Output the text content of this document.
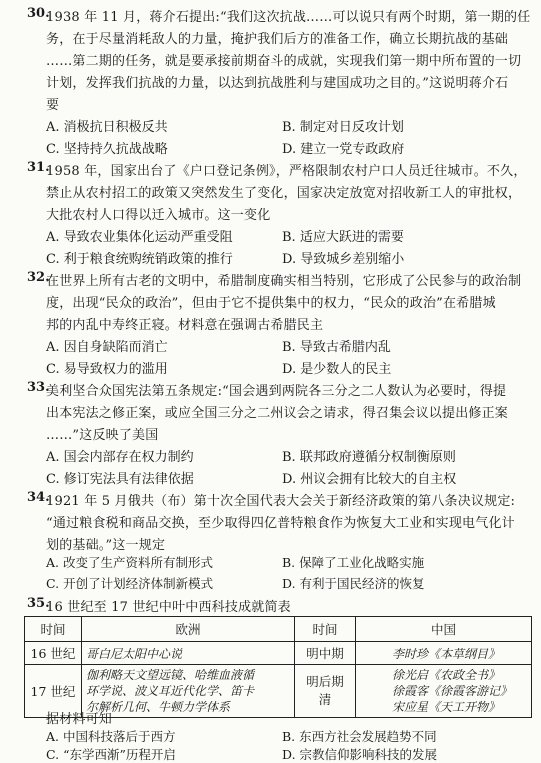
30.
1938 年 11 月，蒋介石提出:“我们这次抗战……可以说只有两个时期，第一期的任
务，在于尽量消耗敌人的力量，掩护我们后方的准备工作，确立长期抗战的基础
……第二期的任务，就是要承接前期奋斗的成就，实现我们第一期中所布置的一切
计划，发挥我们抗战的力量，以达到抗战胜利与建国成功之目的。”这说明蒋介石
要
A. 消极抗日积极反共	B. 制定对日反攻计划
C. 坚持持久抗战战略	D. 建立一党专政政府
31.
1958 年，国家出台了《户口登记条例》，严格限制农村户口人员迁往城市。不久，
禁止从农村招工的政策又突然发生了变化，国家决定放宽对招收新工人的审批权，
大批农村人口得以迁入城市。这一变化
A. 导致农业集体化运动严重受阻	B. 适应大跃进的需要
C. 利于粮食统购统销政策的推行	D. 导致城乡差别缩小
32.
在世界上所有古老的文明中，希腊制度确实相当特别，它形成了公民参与的政治制
度，出现“民众的政治”，但由于它不提供集中的权力，“民众的政治”在希腊城
邦的内乱中寿终正寝。材料意在强调古希腊民主
A. 因自身缺陷而消亡	B. 导致古希腊内乱
C. 易导致权力的滥用	D. 是少数人的民主
33.
美利坚合众国宪法第五条规定:“国会遇到两院各三分之二人数认为必要时，得提
出本宪法之修正案，或应全国三分之二州议会之请求，得召集会议以提出修正案
……”这反映了美国
A. 国会内部存在权力制约	B. 联邦政府遵循分权制衡原则
C. 修订宪法具有法律依据	D. 州议会拥有比较大的自主权
34.
1921 年 5 月俄共（布）第十次全国代表大会关于新经济政策的第八条决议规定:
“通过粮食税和商品交换，至少取得四亿普特粮食作为恢复大工业和实现电气化计
划的基础。”这一规定
A. 改变了生产资料所有制形式	B. 保障了工业化战略实施
C. 开创了计划经济体制新模式	D. 有利于国民经济的恢复
35.
16 世纪至 17 世纪中叶中西科技成就简表
时间	欧洲	时间	中国
16 世纪	哥白尼太阳中心说	明中期	李时珍《本草纲目》
17 世纪	伽利略天文望远镜、哈维血液循
环学说、波义耳近代化学、笛卡
尔解析几何、牛顿力学体系	明后期
清	徐光启《农政全书》
徐霞客《徐霞客游记》
宋应星《天工开物》
据材料可知
A. 中国科技落后于西方	B. 东西方社会发展趋势不同
C. “东学西渐”历程开启	D. 宗教信仰影响科技的发展
